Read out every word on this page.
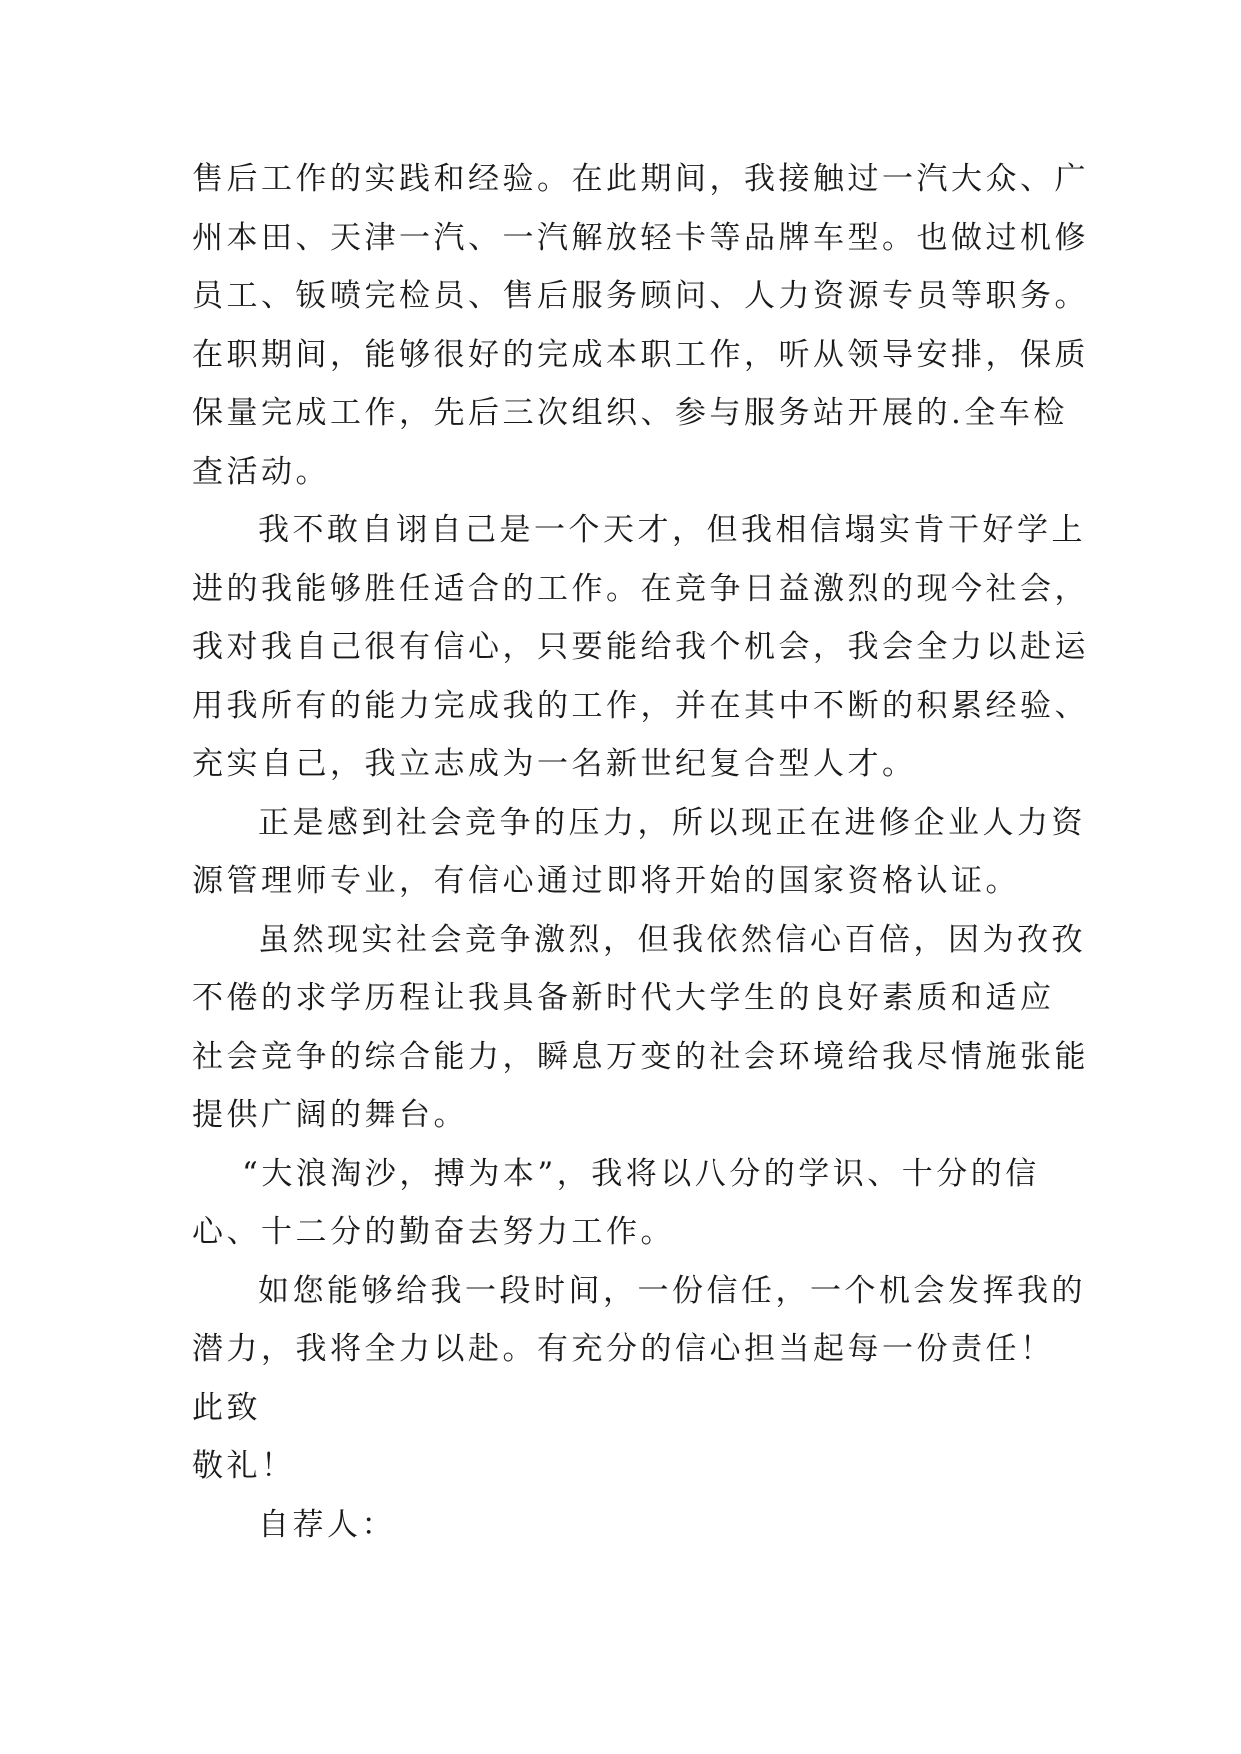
售后工作的实践和经验。在此期间，我接触过一汽大众、广
州本田、天津一汽、一汽解放轻卡等品牌车型。也做过机修
员工、钣喷完检员、售后服务顾问、人力资源专员等职务。
在职期间，能够很好的完成本职工作，听从领导安排，保质
保量完成工作，先后三次组织、参与服务站开展的.全车检
查活动。
我不敢自诩自己是一个天才，但我相信塌实肯干好学上
进的我能够胜任适合的工作。在竞争日益激烈的现今社会，
我对我自己很有信心，只要能给我个机会，我会全力以赴运
用我所有的能力完成我的工作，并在其中不断的积累经验、
充实自己，我立志成为一名新世纪复合型人才。
正是感到社会竞争的压力，所以现正在进修企业人力资
源管理师专业，有信心通过即将开始的国家资格认证。
虽然现实社会竞争激烈，但我依然信心百倍，因为孜孜
不倦的求学历程让我具备新时代大学生的良好素质和适应
社会竞争的综合能力，瞬息万变的社会环境给我尽情施张能
提供广阔的舞台。
“大浪淘沙，搏为本”，我将以八分的学识、十分的信
心、十二分的勤奋去努力工作。
如您能够给我一段时间，一份信任，一个机会发挥我的
潜力，我将全力以赴。有充分的信心担当起每一份责任！

此致

敬礼！

自荐人：
